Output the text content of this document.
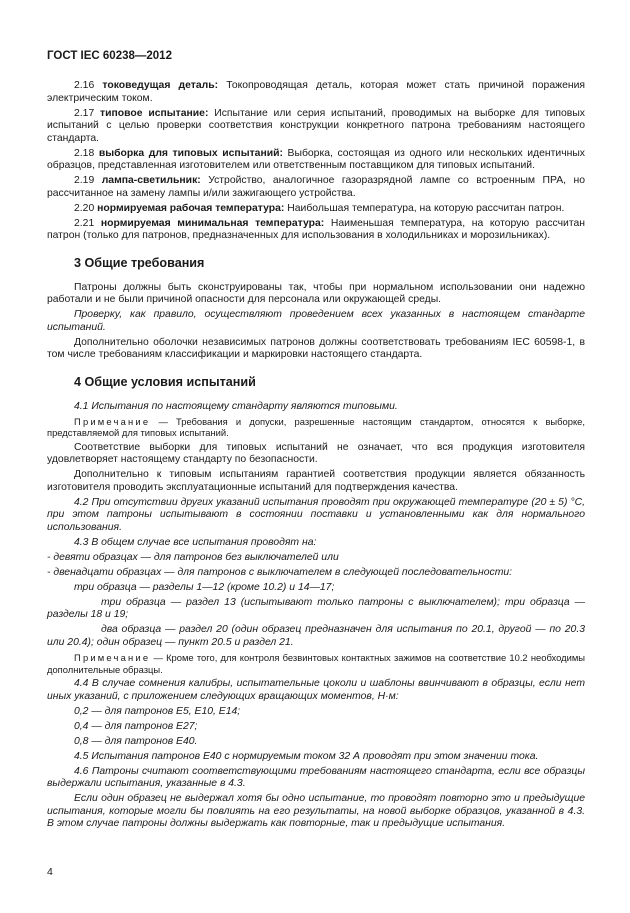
ГОСТ IEC 60238—2012

2.16 токоведущая деталь: Токопроводящая деталь, которая может стать причиной поражения электрическим током.

2.17 типовое испытание: Испытание или серия испытаний, проводимых на выборке для типовых испытаний с целью проверки соответствия конструкции конкретного патрона требованиям настоящего стандарта.

2.18 выборка для типовых испытаний: Выборка, состоящая из одного или нескольких идентичных образцов, представленная изготовителем или ответственным поставщиком для типовых испытаний.

2.19 лампа-светильник: Устройство, аналогичное газоразрядной лампе со встроенным ПРА, но рассчитанное на замену лампы и/или зажигающего устройства.

2.20 нормируемая рабочая температура: Наибольшая температура, на которую рассчитан патрон.

2.21 нормируемая минимальная температура: Наименьшая температура, на которую рассчитан патрон (только для патронов, предназначенных для использования в холодильниках и морозильниках).

3 Общие требования

Патроны должны быть сконструированы так, чтобы при нормальном использовании они надежно работали и не были причиной опасности для персонала или окружающей среды.

Проверку, как правило, осуществляют проведением всех указанных в настоящем стандарте испытаний.

Дополнительно оболочки независимых патронов должны соответствовать требованиям IEC 60598-1, в том числе требованиям классификации и маркировки настоящего стандарта.

4 Общие условия испытаний

4.1 Испытания по настоящему стандарту являются типовыми.

Примечание — Требования и допуски, разрешенные настоящим стандартом, относятся к выборке, представляемой для типовых испытаний.

Соответствие выборки для типовых испытаний не означает, что вся продукция изготовителя удовлетворяет настоящему стандарту по безопасности.

Дополнительно к типовым испытаниям гарантией соответствия продукции является обязанность изготовителя проводить эксплуатационные испытаний для подтверждения качества.

4.2 При отсутствии других указаний испытания проводят при окружающей температуре (20 ± 5) °С, при этом патроны испытывают в состоянии поставки и установленными как для нормального использования.

4.3 В общем случае все испытания проводят на:

- девяти образцах — для патронов без выключателей или

- двенадцати образцах — для патронов с выключателем в следующей последовательности:

три образца — разделы 1—12 (кроме 10.2) и 14—17;

три образца — раздел 13 (испытывают только патроны с выключателем); три образца — разделы 18 и 19;

два образца — раздел 20 (один образец предназначен для испытания по 20.1, другой — по 20.3 или 20.4); один образец — пункт 20.5 и раздел 21.

Примечание — Кроме того, для контроля безвинтовых контактных зажимов на соответствие 10.2 необходимы дополнительные образцы.

4.4 В случае сомнения калибры, испытательные цоколи и шаблоны ввинчивают в образцы, если нет иных указаний, с приложением следующих вращающих моментов, Н·м:

0,2 — для патронов E5, E10, E14;

0,4 — для патронов E27;

0,8 — для патронов E40.

4.5 Испытания патронов E40 с нормируемым током 32 А проводят при этом значении тока.

4.6 Патроны считают соответствующими требованиям настоящего стандарта, если все образцы выдержали испытания, указанные в 4.3.

Если один образец не выдержал хотя бы одно испытание, то проводят повторно это и предыдущие испытания, которые могли бы повлиять на его результаты, на новой выборке образцов, указанной в 4.3. В этом случае патроны должны выдержать как повторные, так и предыдущие испытания.

4
